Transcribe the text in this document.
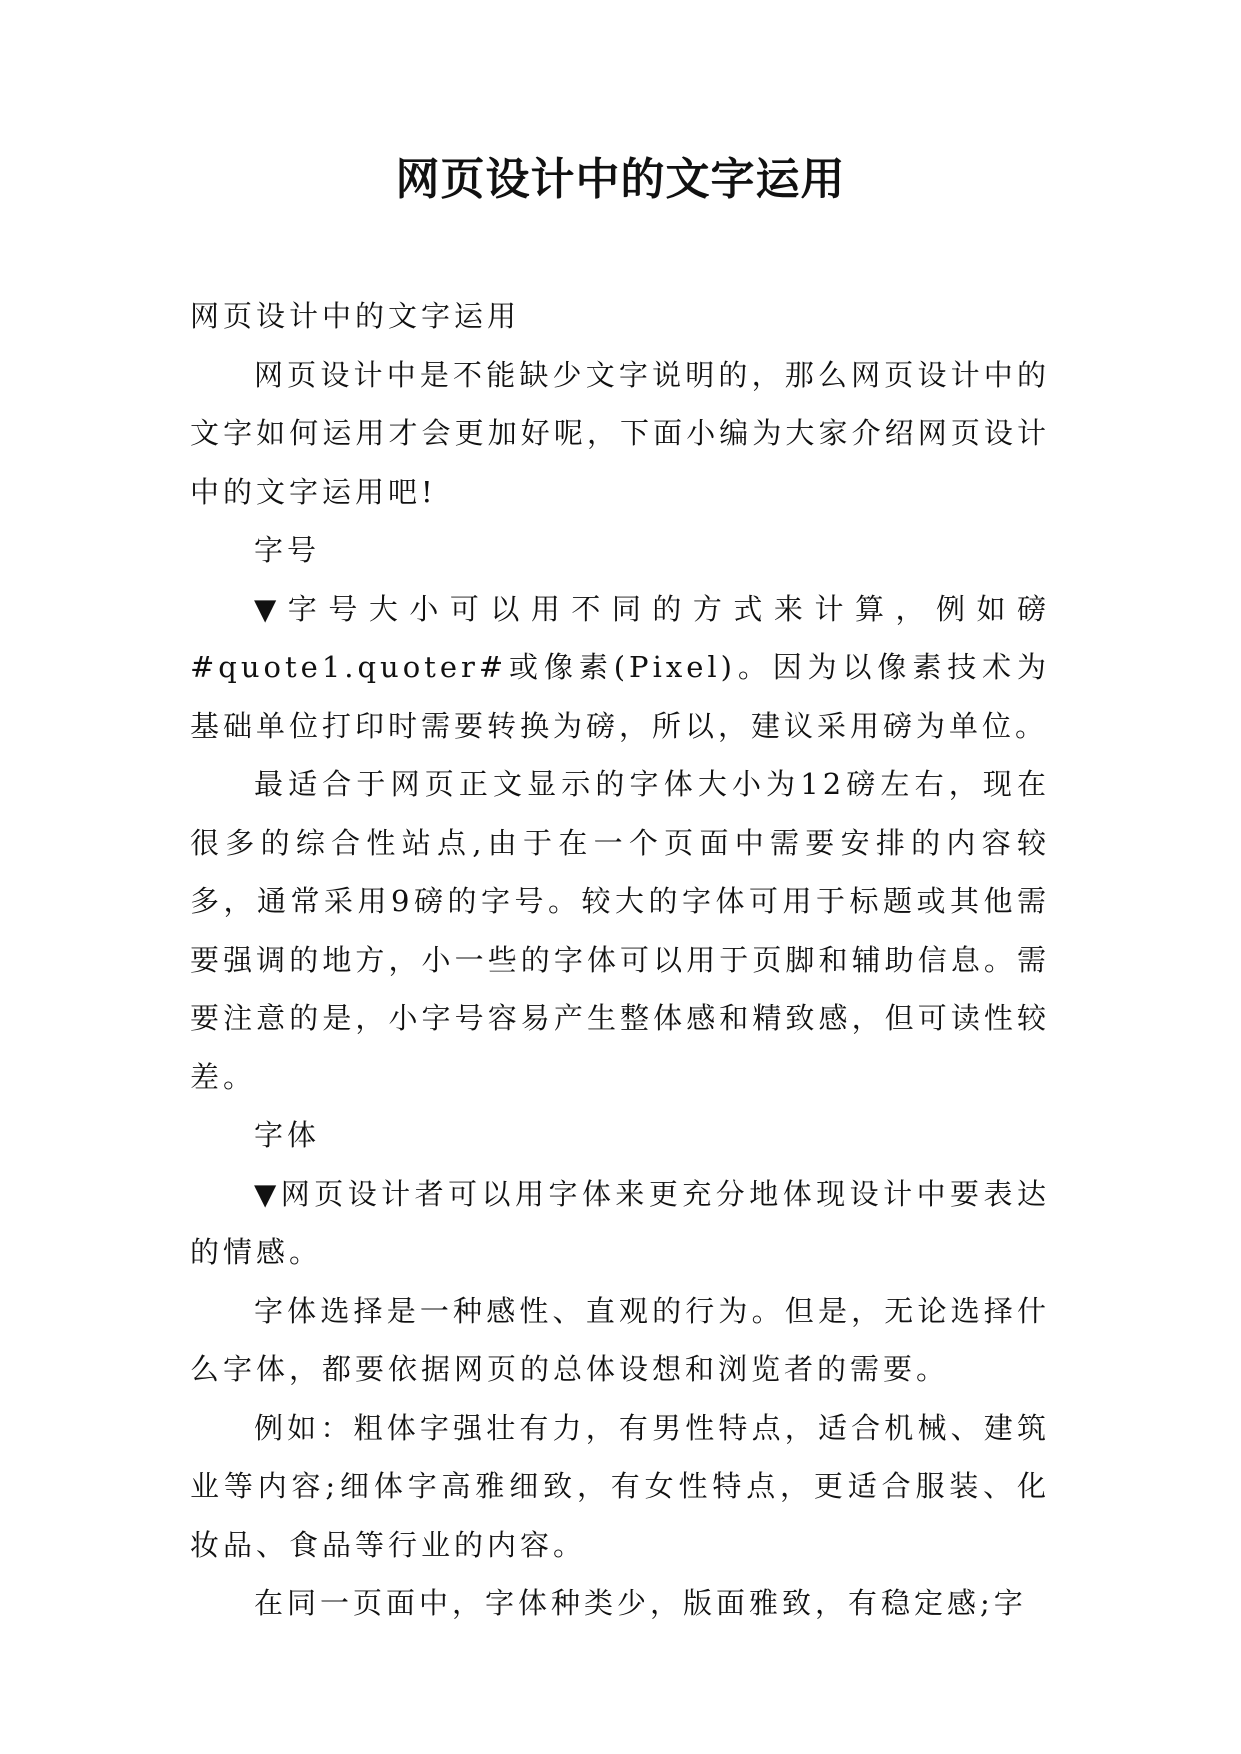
网页设计中的文字运用

网页设计中的文字运用

网页设计中是不能缺少文字说明的，那么网页设计中的文字如何运用才会更加好呢，下面小编为大家介绍网页设计中的文字运用吧!

字号

▼字号大小可以用不同的方式来计算，例如磅#quote1.quoter#或像素(Pixel)。因为以像素技术为基础单位打印时需要转换为磅，所以，建议采用磅为单位。

最适合于网页正文显示的字体大小为12磅左右，现在很多的综合性站点,由于在一个页面中需要安排的内容较多，通常采用9磅的字号。较大的字体可用于标题或其他需要强调的地方，小一些的字体可以用于页脚和辅助信息。需要注意的是，小字号容易产生整体感和精致感，但可读性较差。

字体

▼网页设计者可以用字体来更充分地体现设计中要表达的情感。

字体选择是一种感性、直观的行为。但是，无论选择什么字体，都要依据网页的总体设想和浏览者的需要。

例如：粗体字强壮有力，有男性特点，适合机械、建筑业等内容;细体字高雅细致，有女性特点，更适合服装、化妆品、食品等行业的内容。

在同一页面中，字体种类少，版面雅致，有稳定感;字
